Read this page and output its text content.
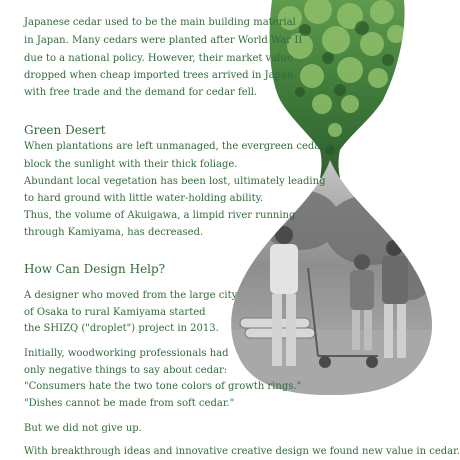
Japanese cedar used to be the main building material
in Japan. Many cedars were planted after World War II
due to a national policy. However, their market value
dropped when cheap imported trees arrived in Japan
with free trade and the demand for cedar fell.
Green Desert
When plantations are left unmanaged, the evergreen cedars
block the sunlight with their thick foliage.
Abundant local vegetation has been lost, ultimately leading
to hard ground with little water-holding ability.
Thus, the volume of Akuigawa, a limpid river running
through Kamiyama, has decreased.
How Can Design Help?
A designer who moved from the large city
of Osaka to rural Kamiyama started
the SHIZQ ("droplet") project in 2013.
Initially, woodworking professionals had
only negative things to say about cedar:
"Consumers hate the two tone colors of growth rings."
"Dishes cannot be made from soft cedar."
But we did not give up.
With breakthrough ideas and innovative creative design we found new value in cedar.
